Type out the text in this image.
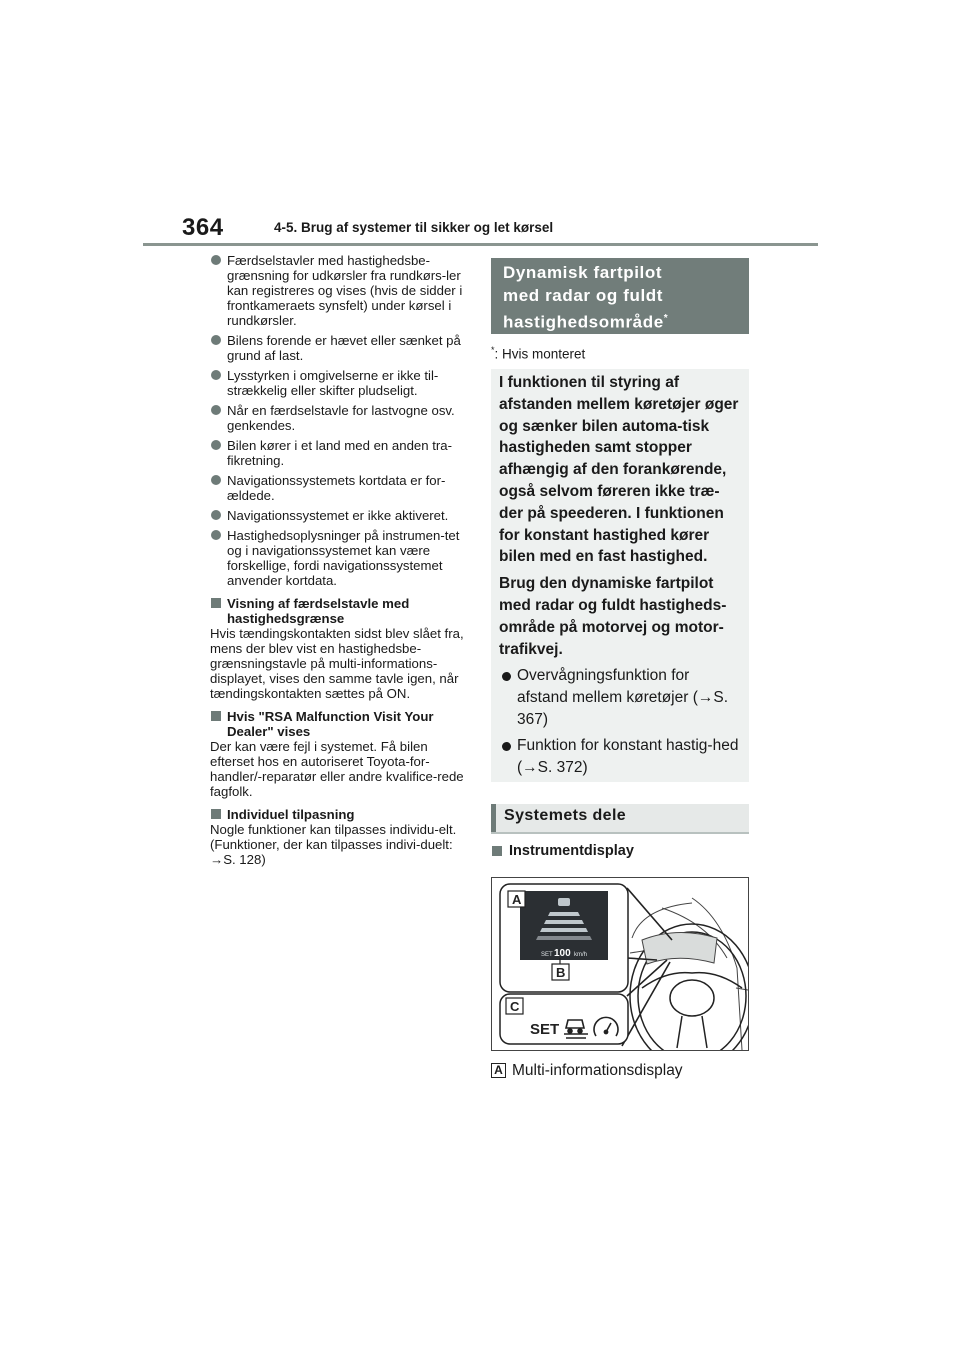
364	4-5. Brug af systemer til sikker og let kørsel
Færdselstavler med hastighedsbe-grænsning for udkørsler fra rundkørs-ler kan registreres og vises (hvis de sidder i frontkameraets synsfelt) under kørsel i rundkørsler.
Bilens forende er hævet eller sænket på grund af last.
Lysstyrken i omgivelserne er ikke til-strækkelig eller skifter pludseligt.
Når en færdselstavle for lastvogne osv. genkendes.
Bilen kører i et land med en anden tra-fikretning.
Navigationssystemets kortdata er for-ældede.
Navigationssystemet er ikke aktiveret.
Hastighedsoplysninger på instrumen-tet og i navigationssystemet kan være forskellige, fordi navigationssystemet anvender kortdata.
Visning af færdselstavle med hastighedsgrænse
Hvis tændingskontakten sidst blev slået fra, mens der blev vist en hastighedsbe-grænsningstavle på multi-informations-displayet, vises den samme tavle igen, når tændingskontakten sættes på ON.
Hvis "RSA Malfunction Visit Your Dealer" vises
Der kan være fejl i systemet. Få bilen efterset hos en autoriseret Toyota-for-handler/-reparatør eller andre kvalifice-rede fagfolk.
Individuel tilpasning
Nogle funktioner kan tilpasses individu-elt. (Funktioner, der kan tilpasses indivi-duelt: →S. 128)
Dynamisk fartpilot
med radar og fuldt
hastighedsområde*
*: Hvis monteret

I funktionen til styring af afstanden mellem køretøjer øger og sænker bilen automa-tisk hastigheden samt stopper afhængig af den forankørende, også selvom føreren ikke træ-der på speederen. I funktionen for konstant hastighed kører bilen med en fast hastighed.

Brug den dynamiske fartpilot med radar og fuldt hastigheds-område på motorvej og motor-trafikvej.

Overvågningsfunktion for afstand mellem køretøjer (→S. 367)
Funktion for konstant hastig-hed (→S. 372)
Systemets dele
Instrumentdisplay
SET 100 km/h
A
B
C
SET
A Multi-informationsdisplay
